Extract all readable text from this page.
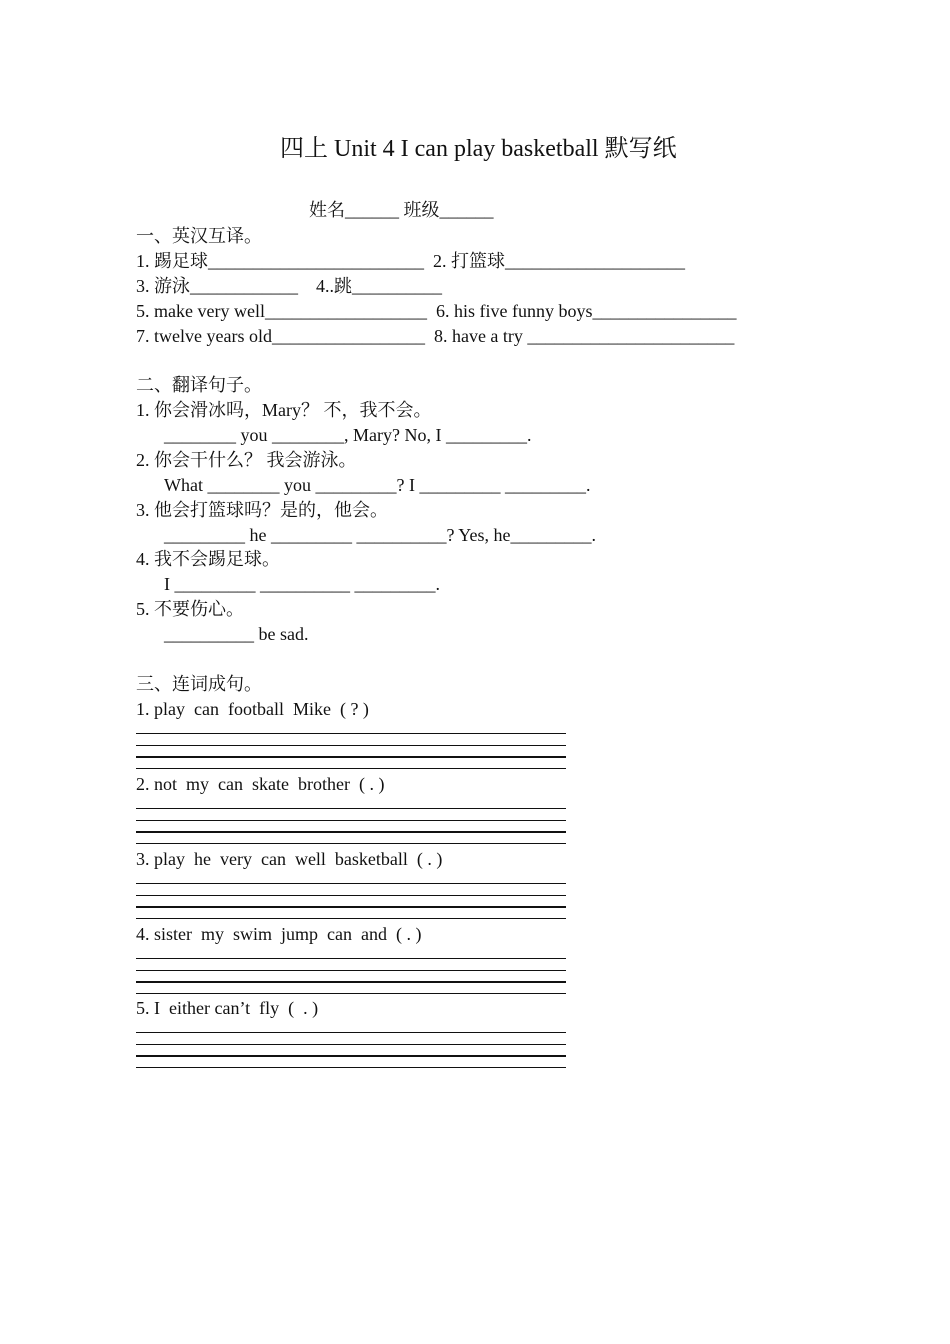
四上 Unit 4 I can play basketball 默写纸
姓名______ 班级______
一、英汉互译。
1. 踢足球________________________  2. 打篮球____________________
3. 游泳____________    4..跳__________
5. make very well__________________  6. his five funny boys________________
7. twelve years old_________________  8. have a try _______________________
二、翻译句子。
1. 你会滑冰吗，Mary？ 不，我不会。
________ you ________, Mary? No, I _________.
2. 你会干什么？ 我会游泳。
What ________ you _________? I _________ _________.
3. 他会打篮球吗？是的，他会。
_________ he _________ __________? Yes, he_________.
4. 我不会踢足球。
I _________ __________ _________.
5. 不要伤心。
__________ be sad.
三、连词成句。
1. play  can  football  Mike  ( ? )
2. not  my  can  skate  brother  ( . )
3. play  he  very  can  well  basketball  ( . )
4. sister  my  swim  jump  can  and  ( . )
5. I  either can’t  fly  (  . )
